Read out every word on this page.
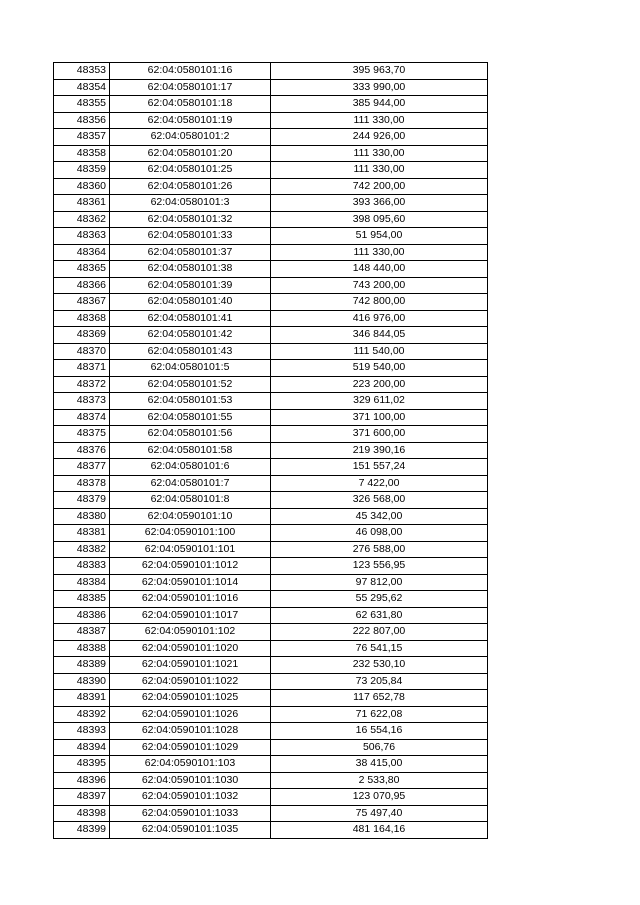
48353	62:04:0580101:16	395 963,70
48354	62:04:0580101:17	333 990,00
48355	62:04:0580101:18	385 944,00
48356	62:04:0580101:19	111 330,00
48357	62:04:0580101:2	244 926,00
48358	62:04:0580101:20	111 330,00
48359	62:04:0580101:25	111 330,00
48360	62:04:0580101:26	742 200,00
48361	62:04:0580101:3	393 366,00
48362	62:04:0580101:32	398 095,60
48363	62:04:0580101:33	51 954,00
48364	62:04:0580101:37	111 330,00
48365	62:04:0580101:38	148 440,00
48366	62:04:0580101:39	743 200,00
48367	62:04:0580101:40	742 800,00
48368	62:04:0580101:41	416 976,00
48369	62:04:0580101:42	346 844,05
48370	62:04:0580101:43	111 540,00
48371	62:04:0580101:5	519 540,00
48372	62:04:0580101:52	223 200,00
48373	62:04:0580101:53	329 611,02
48374	62:04:0580101:55	371 100,00
48375	62:04:0580101:56	371 600,00
48376	62:04:0580101:58	219 390,16
48377	62:04:0580101:6	151 557,24
48378	62:04:0580101:7	7 422,00
48379	62:04:0580101:8	326 568,00
48380	62:04:0590101:10	45 342,00
48381	62:04:0590101:100	46 098,00
48382	62:04:0590101:101	276 588,00
48383	62:04:0590101:1012	123 556,95
48384	62:04:0590101:1014	97 812,00
48385	62:04:0590101:1016	55 295,62
48386	62:04:0590101:1017	62 631,80
48387	62:04:0590101:102	222 807,00
48388	62:04:0590101:1020	76 541,15
48389	62:04:0590101:1021	232 530,10
48390	62:04:0590101:1022	73 205,84
48391	62:04:0590101:1025	117 652,78
48392	62:04:0590101:1026	71 622,08
48393	62:04:0590101:1028	16 554,16
48394	62:04:0590101:1029	506,76
48395	62:04:0590101:103	38 415,00
48396	62:04:0590101:1030	2 533,80
48397	62:04:0590101:1032	123 070,95
48398	62:04:0590101:1033	75 497,40
48399	62:04:0590101:1035	481 164,16
